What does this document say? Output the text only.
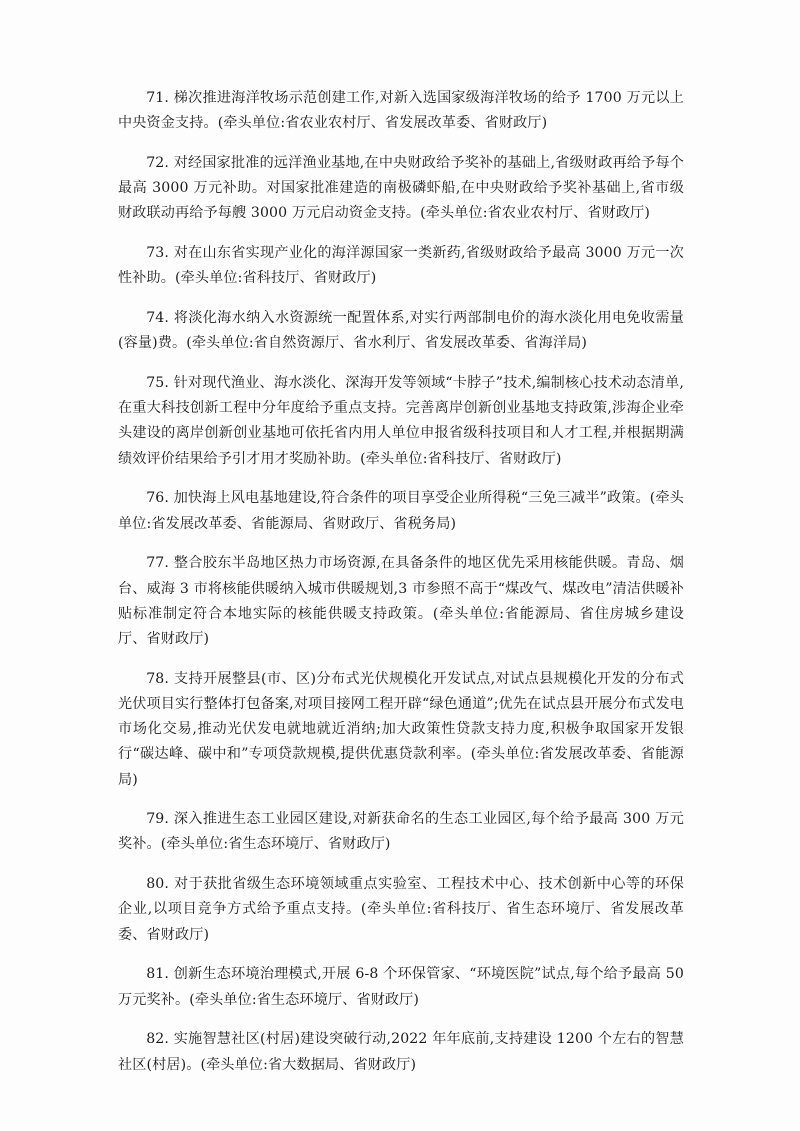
71. 梯次推进海洋牧场示范创建工作,对新入选国家级海洋牧场的给予 1700 万元以上中央资金支持。(牵头单位:省农业农村厅、省发展改革委、省财政厅)

72. 对经国家批准的远洋渔业基地,在中央财政给予奖补的基础上,省级财政再给予每个最高 3000 万元补助。对国家批准建造的南极磷虾船,在中央财政给予奖补基础上,省市级财政联动再给予每艘 3000 万元启动资金支持。(牵头单位:省农业农村厅、省财政厅)

73. 对在山东省实现产业化的海洋源国家一类新药,省级财政给予最高 3000 万元一次性补助。(牵头单位:省科技厅、省财政厅)

74. 将淡化海水纳入水资源统一配置体系,对实行两部制电价的海水淡化用电免收需量(容量)费。(牵头单位:省自然资源厅、省水利厅、省发展改革委、省海洋局)

75. 针对现代渔业、海水淡化、深海开发等领域“卡脖子”技术,编制核心技术动态清单,在重大科技创新工程中分年度给予重点支持。完善离岸创新创业基地支持政策,涉海企业牵头建设的离岸创新创业基地可依托省内用人单位申报省级科技项目和人才工程,并根据期满绩效评价结果给予引才用才奖励补助。(牵头单位:省科技厅、省财政厅)

76. 加快海上风电基地建设,符合条件的项目享受企业所得税“三免三减半”政策。(牵头单位:省发展改革委、省能源局、省财政厅、省税务局)

77. 整合胶东半岛地区热力市场资源,在具备条件的地区优先采用核能供暖。青岛、烟台、威海 3 市将核能供暖纳入城市供暖规划,3 市参照不高于“煤改气、煤改电”清洁供暖补贴标准制定符合本地实际的核能供暖支持政策。(牵头单位:省能源局、省住房城乡建设厅、省财政厅)

78. 支持开展整县(市、区)分布式光伏规模化开发试点,对试点县规模化开发的分布式光伏项目实行整体打包备案,对项目接网工程开辟“绿色通道”;优先在试点县开展分布式发电市场化交易,推动光伏发电就地就近消纳;加大政策性贷款支持力度,积极争取国家开发银行“碳达峰、碳中和”专项贷款规模,提供优惠贷款利率。(牵头单位:省发展改革委、省能源局)

79. 深入推进生态工业园区建设,对新获命名的生态工业园区,每个给予最高 300 万元奖补。(牵头单位:省生态环境厅、省财政厅)

80. 对于获批省级生态环境领域重点实验室、工程技术中心、技术创新中心等的环保企业,以项目竞争方式给予重点支持。(牵头单位:省科技厅、省生态环境厅、省发展改革委、省财政厅)

81. 创新生态环境治理模式,开展 6-8 个环保管家、“环境医院”试点,每个给予最高 50 万元奖补。(牵头单位:省生态环境厅、省财政厅)

82. 实施智慧社区(村居)建设突破行动,2022 年年底前,支持建设 1200 个左右的智慧社区(村居)。(牵头单位:省大数据局、省财政厅)
